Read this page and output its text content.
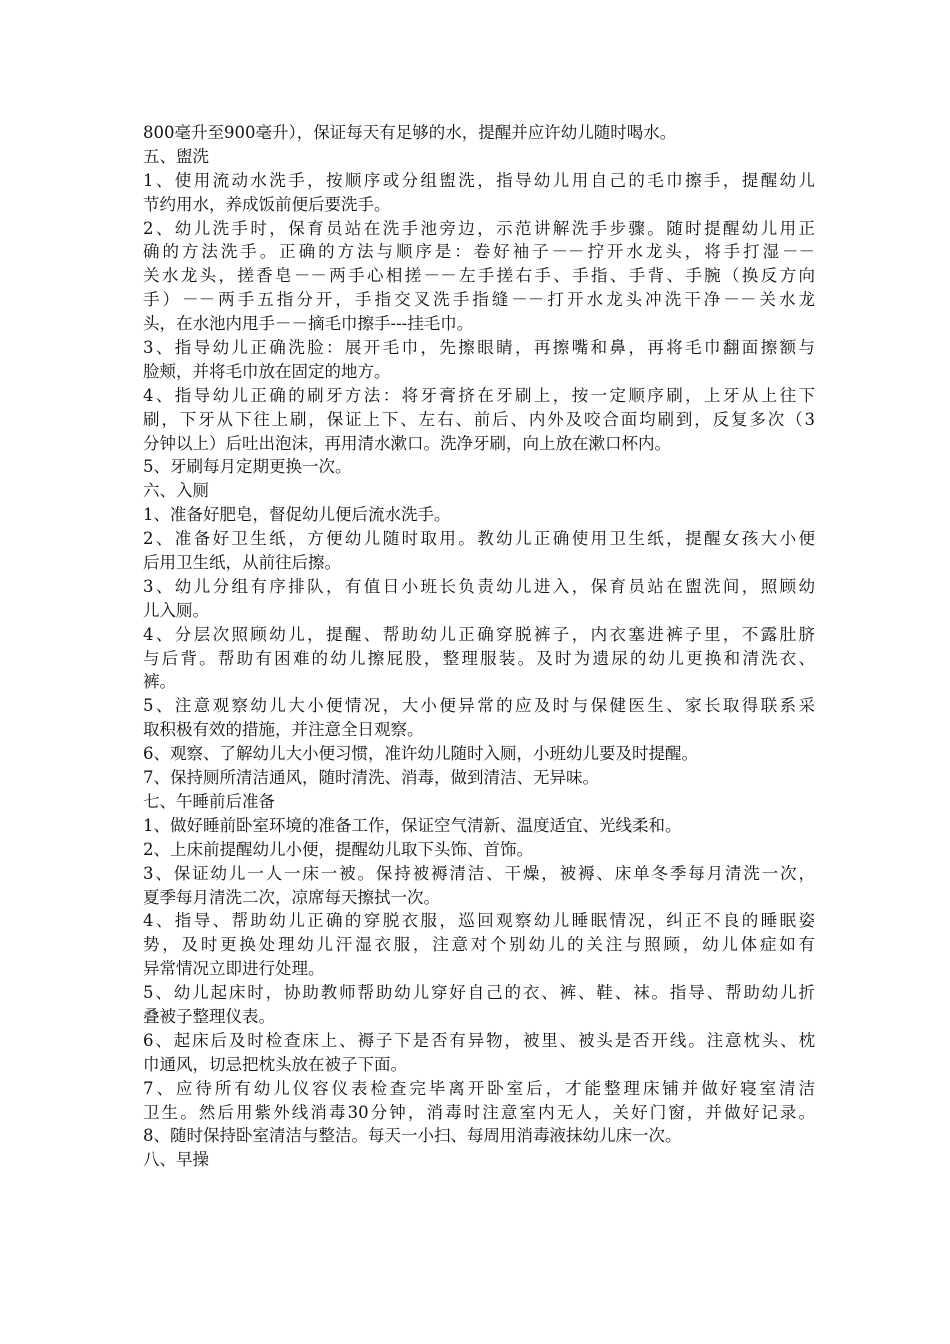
800毫升至900毫升），保证每天有足够的水，提醒并应许幼儿随时喝水。
五、盥洗
1、使用流动水洗手，按顺序或分组盥洗，指导幼儿用自己的毛巾擦手，提醒幼儿
节约用水，养成饭前便后要洗手。
2、幼儿洗手时，保育员站在洗手池旁边，示范讲解洗手步骤。随时提醒幼儿用正
确的方法洗手。正确的方法与顺序是：卷好袖子－－拧开水龙头，将手打湿－－
关水龙头，搓香皂－－两手心相搓－－左手搓右手、手指、手背、手腕（换反方向
手）－－两手五指分开，手指交叉洗手指缝－－打开水龙头冲洗干净－－关水龙
头，在水池内甩手－－摘毛巾擦手---挂毛巾。
3、指导幼儿正确洗脸：展开毛巾，先擦眼睛，再擦嘴和鼻，再将毛巾翻面擦额与
脸颊，并将毛巾放在固定的地方。
4、指导幼儿正确的刷牙方法：将牙膏挤在牙刷上，按一定顺序刷，上牙从上往下
刷，下牙从下往上刷，保证上下、左右、前后、内外及咬合面均刷到，反复多次（3
分钟以上）后吐出泡沫，再用清水漱口。洗净牙刷，向上放在漱口杯内。
5、牙刷每月定期更换一次。
六、入厕
1、准备好肥皂，督促幼儿便后流水洗手。
2、准备好卫生纸，方便幼儿随时取用。教幼儿正确使用卫生纸，提醒女孩大小便
后用卫生纸，从前往后擦。
3、幼儿分组有序排队，有值日小班长负责幼儿进入，保育员站在盥洗间，照顾幼
儿入厕。
4、分层次照顾幼儿，提醒、帮助幼儿正确穿脱裤子，内衣塞进裤子里，不露肚脐
与后背。帮助有困难的幼儿擦屁股，整理服装。及时为遗尿的幼儿更换和清洗衣、
裤。
5、注意观察幼儿大小便情况，大小便异常的应及时与保健医生、家长取得联系采
取积极有效的措施，并注意全日观察。
6、观察、了解幼儿大小便习惯，准许幼儿随时入厕，小班幼儿要及时提醒。
7、保持厕所清洁通风，随时清洗、消毒，做到清洁、无异味。
七、午睡前后准备
1、做好睡前卧室环境的准备工作，保证空气清新、温度适宜、光线柔和。
2、上床前提醒幼儿小便，提醒幼儿取下头饰、首饰。
3、保证幼儿一人一床一被。保持被褥清洁、干燥，被褥、床单冬季每月清洗一次，
夏季每月清洗二次，凉席每天擦拭一次。
4、指导、帮助幼儿正确的穿脱衣服，巡回观察幼儿睡眠情况，纠正不良的睡眠姿
势，及时更换处理幼儿汗湿衣服，注意对个别幼儿的关注与照顾，幼儿体症如有
异常情况立即进行处理。
5、幼儿起床时，协助教师帮助幼儿穿好自己的衣、裤、鞋、袜。指导、帮助幼儿折
叠被子整理仪表。
6、起床后及时检查床上、褥子下是否有异物，被里、被头是否开线。注意枕头、枕
巾通风，切忌把枕头放在被子下面。
7、应待所有幼儿仪容仪表检查完毕离开卧室后，才能整理床铺并做好寝室清洁
卫生。然后用紫外线消毒30分钟，消毒时注意室内无人，关好门窗，并做好记录。
8、随时保持卧室清洁与整洁。每天一小扫、每周用消毒液抹幼儿床一次。
八、早操
